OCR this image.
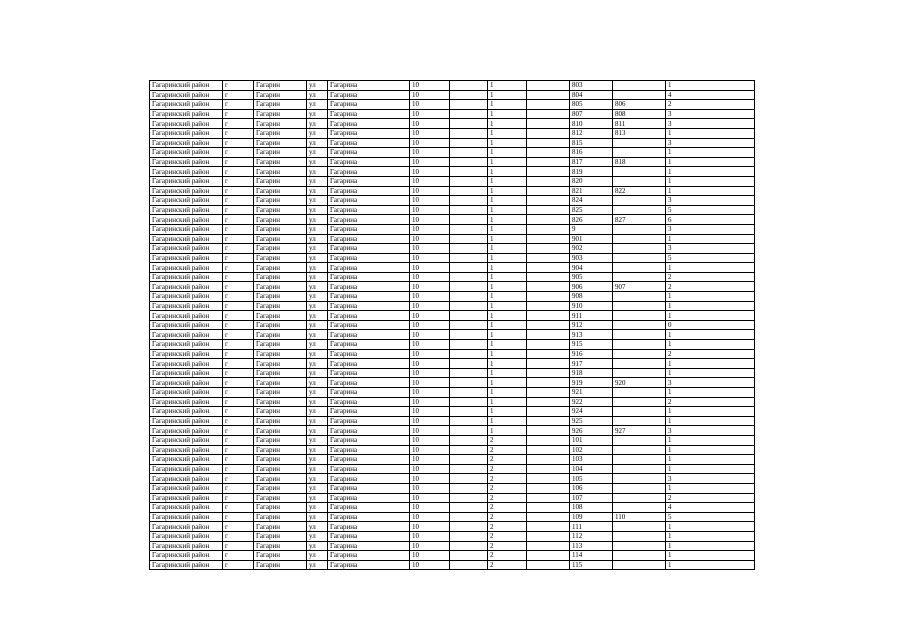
Гагаринский район	г	Гагарин	ул	Гагарина	10		1		803		1
Гагаринский район	г	Гагарин	ул	Гагарина	10		1		804		4
Гагаринский район	г	Гагарин	ул	Гагарина	10		1		805	806	2
Гагаринский район	г	Гагарин	ул	Гагарина	10		1		807	808	3
Гагаринский район	г	Гагарин	ул	Гагарина	10		1		810	811	3
Гагаринский район	г	Гагарин	ул	Гагарина	10		1		812	813	1
Гагаринский район	г	Гагарин	ул	Гагарина	10		1		815		3
Гагаринский район	г	Гагарин	ул	Гагарина	10		1		816		1
Гагаринский район	г	Гагарин	ул	Гагарина	10		1		817	818	1
Гагаринский район	г	Гагарин	ул	Гагарина	10		1		819		1
Гагаринский район	г	Гагарин	ул	Гагарина	10		1		820		1
Гагаринский район	г	Гагарин	ул	Гагарина	10		1		821	822	1
Гагаринский район	г	Гагарин	ул	Гагарина	10		1		824		3
Гагаринский район	г	Гагарин	ул	Гагарина	10		1		825		5
Гагаринский район	г	Гагарин	ул	Гагарина	10		1		826	827	6
Гагаринский район	г	Гагарин	ул	Гагарина	10		1		9		3
Гагаринский район	г	Гагарин	ул	Гагарина	10		1		901		1
Гагаринский район	г	Гагарин	ул	Гагарина	10		1		902		3
Гагаринский район	г	Гагарин	ул	Гагарина	10		1		903		5
Гагаринский район	г	Гагарин	ул	Гагарина	10		1		904		1
Гагаринский район	г	Гагарин	ул	Гагарина	10		1		905		2
Гагаринский район	г	Гагарин	ул	Гагарина	10		1		906	907	2
Гагаринский район	г	Гагарин	ул	Гагарина	10		1		908		1
Гагаринский район	г	Гагарин	ул	Гагарина	10		1		910		1
Гагаринский район	г	Гагарин	ул	Гагарина	10		1		911		1
Гагаринский район	г	Гагарин	ул	Гагарина	10		1		912		0
Гагаринский район	г	Гагарин	ул	Гагарина	10		1		913		1
Гагаринский район	г	Гагарин	ул	Гагарина	10		1		915		1
Гагаринский район	г	Гагарин	ул	Гагарина	10		1		916		2
Гагаринский район	г	Гагарин	ул	Гагарина	10		1		917		1
Гагаринский район	г	Гагарин	ул	Гагарина	10		1		918		1
Гагаринский район	г	Гагарин	ул	Гагарина	10		1		919	920	3
Гагаринский район	г	Гагарин	ул	Гагарина	10		1		921		1
Гагаринский район	г	Гагарин	ул	Гагарина	10		1		922		2
Гагаринский район	г	Гагарин	ул	Гагарина	10		1		924		1
Гагаринский район	г	Гагарин	ул	Гагарина	10		1		925		1
Гагаринский район	г	Гагарин	ул	Гагарина	10		1		926	927	3
Гагаринский район	г	Гагарин	ул	Гагарина	10		2		101		1
Гагаринский район	г	Гагарин	ул	Гагарина	10		2		102		1
Гагаринский район	г	Гагарин	ул	Гагарина	10		2		103		1
Гагаринский район	г	Гагарин	ул	Гагарина	10		2		104		1
Гагаринский район	г	Гагарин	ул	Гагарина	10		2		105		3
Гагаринский район	г	Гагарин	ул	Гагарина	10		2		106		1
Гагаринский район	г	Гагарин	ул	Гагарина	10		2		107		2
Гагаринский район	г	Гагарин	ул	Гагарина	10		2		108		4
Гагаринский район	г	Гагарин	ул	Гагарина	10		2		109	110	5
Гагаринский район	г	Гагарин	ул	Гагарина	10		2		111		1
Гагаринский район	г	Гагарин	ул	Гагарина	10		2		112		1
Гагаринский район	г	Гагарин	ул	Гагарина	10		2		113		1
Гагаринский район	г	Гагарин	ул	Гагарина	10		2		114		1
Гагаринский район	г	Гагарин	ул	Гагарина	10		2		115		1
